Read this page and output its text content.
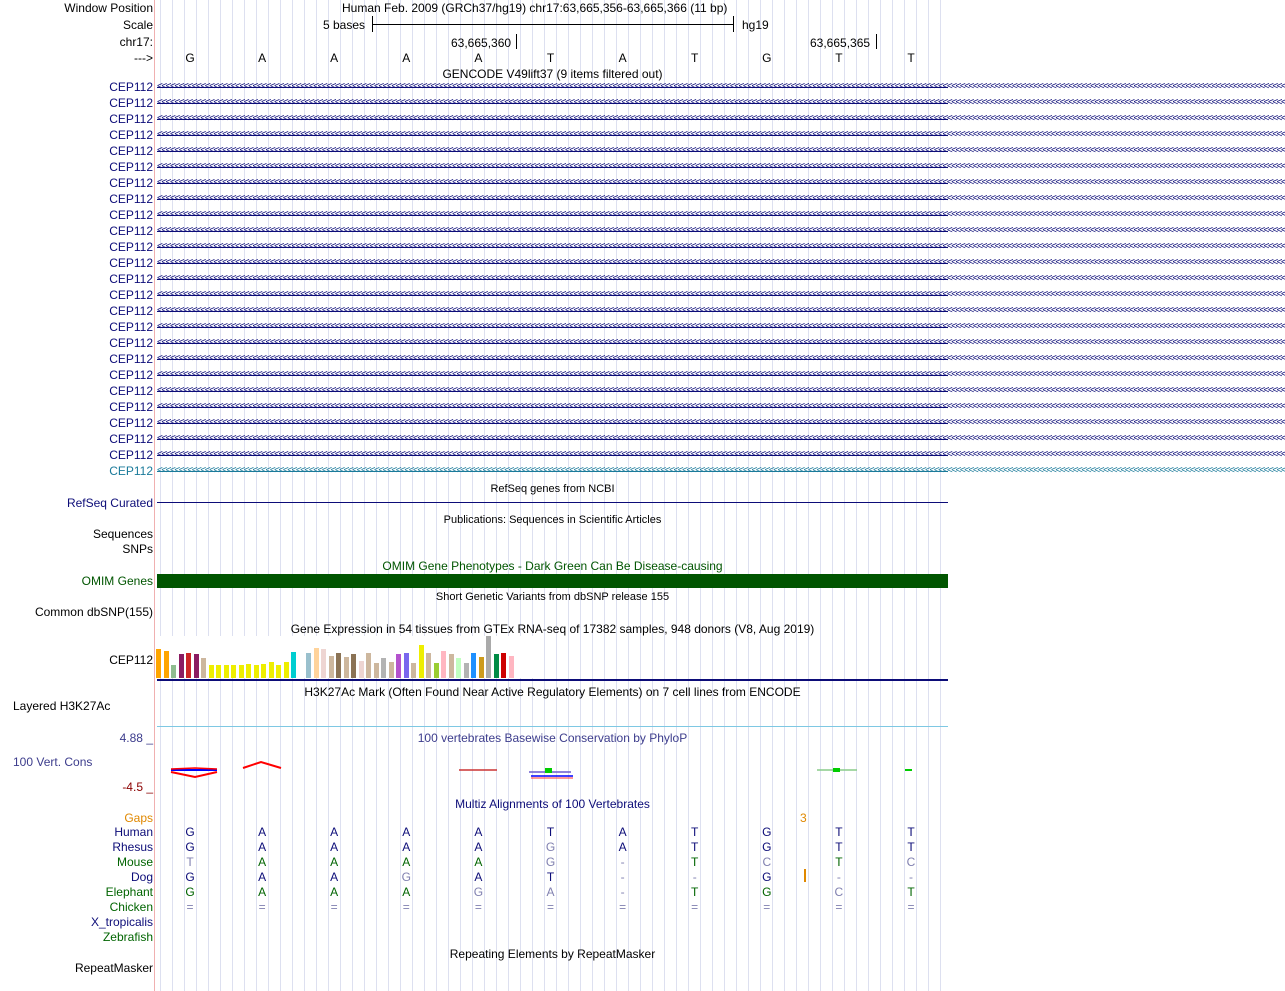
Window Position	Human Feb. 2009 (GRCh37/hg19) chr17:63,665,356-63,665,366 (11 bp)
Scale	5 bases	hg19
chr17:	63,665,360	63,665,365
--->	G	A	A	A	A	T	A	T	G	T	T
GENCODE V49lift37 (9 items filtered out)
CEP112 <<<<<<<<<<<<<<<<<<<<<<<<<<<<<<<<<<<<<<<<<<<<<<<<<<<<<<<<<<<<<<<<<<<<<<<<<<<<<<<<<<<<<<<<<<<<<<<<<<<<<<<<<<<<<<<<<<<<<<<<<<<<<<<<<<<<<<<<<<<<<<<<<<<<<<<<<<<<<<<<<<<<<<<<<<<<<<<<<<<<<<<<<<<<<<<<<<<<<<<<<<<<<<<<<<<<<<<<<<<<<<<<<<<<<<<<<<<<<<<<<<<<<<<<<<<<<<<<<<<<
CEP112 <<<<<<<<<<<<<<<<<<<<<<<<<<<<<<<<<<<<<<<<<<<<<<<<<<<<<<<<<<<<<<<<<<<<<<<<<<<<<<<<<<<<<<<<<<<<<<<<<<<<<<<<<<<<<<<<<<<<<<<<<<<<<<<<<<<<<<<<<<<<<<<<<<<<<<<<<<<<<<<<<<<<<<<<<<<<<<<<<<<<<<<<<<<<<<<<<<<<<<<<<<<<<<<<<<<<<<<<<<<<<<<<<<<<<<<<<<<<<<<<<<<<<<<<<<<<<<<<<<<<
CEP112 <<<<<<<<<<<<<<<<<<<<<<<<<<<<<<<<<<<<<<<<<<<<<<<<<<<<<<<<<<<<<<<<<<<<<<<<<<<<<<<<<<<<<<<<<<<<<<<<<<<<<<<<<<<<<<<<<<<<<<<<<<<<<<<<<<<<<<<<<<<<<<<<<<<<<<<<<<<<<<<<<<<<<<<<<<<<<<<<<<<<<<<<<<<<<<<<<<<<<<<<<<<<<<<<<<<<<<<<<<<<<<<<<<<<<<<<<<<<<<<<<<<<<<<<<<<<<<<<<<<<
CEP112 <<<<<<<<<<<<<<<<<<<<<<<<<<<<<<<<<<<<<<<<<<<<<<<<<<<<<<<<<<<<<<<<<<<<<<<<<<<<<<<<<<<<<<<<<<<<<<<<<<<<<<<<<<<<<<<<<<<<<<<<<<<<<<<<<<<<<<<<<<<<<<<<<<<<<<<<<<<<<<<<<<<<<<<<<<<<<<<<<<<<<<<<<<<<<<<<<<<<<<<<<<<<<<<<<<<<<<<<<<<<<<<<<<<<<<<<<<<<<<<<<<<<<<<<<<<<<<<<<<<<
CEP112 <<<<<<<<<<<<<<<<<<<<<<<<<<<<<<<<<<<<<<<<<<<<<<<<<<<<<<<<<<<<<<<<<<<<<<<<<<<<<<<<<<<<<<<<<<<<<<<<<<<<<<<<<<<<<<<<<<<<<<<<<<<<<<<<<<<<<<<<<<<<<<<<<<<<<<<<<<<<<<<<<<<<<<<<<<<<<<<<<<<<<<<<<<<<<<<<<<<<<<<<<<<<<<<<<<<<<<<<<<<<<<<<<<<<<<<<<<<<<<<<<<<<<<<<<<<<<<<<<<<<
CEP112 <<<<<<<<<<<<<<<<<<<<<<<<<<<<<<<<<<<<<<<<<<<<<<<<<<<<<<<<<<<<<<<<<<<<<<<<<<<<<<<<<<<<<<<<<<<<<<<<<<<<<<<<<<<<<<<<<<<<<<<<<<<<<<<<<<<<<<<<<<<<<<<<<<<<<<<<<<<<<<<<<<<<<<<<<<<<<<<<<<<<<<<<<<<<<<<<<<<<<<<<<<<<<<<<<<<<<<<<<<<<<<<<<<<<<<<<<<<<<<<<<<<<<<<<<<<<<<<<<<<<
CEP112 <<<<<<<<<<<<<<<<<<<<<<<<<<<<<<<<<<<<<<<<<<<<<<<<<<<<<<<<<<<<<<<<<<<<<<<<<<<<<<<<<<<<<<<<<<<<<<<<<<<<<<<<<<<<<<<<<<<<<<<<<<<<<<<<<<<<<<<<<<<<<<<<<<<<<<<<<<<<<<<<<<<<<<<<<<<<<<<<<<<<<<<<<<<<<<<<<<<<<<<<<<<<<<<<<<<<<<<<<<<<<<<<<<<<<<<<<<<<<<<<<<<<<<<<<<<<<<<<<<<<
CEP112 <<<<<<<<<<<<<<<<<<<<<<<<<<<<<<<<<<<<<<<<<<<<<<<<<<<<<<<<<<<<<<<<<<<<<<<<<<<<<<<<<<<<<<<<<<<<<<<<<<<<<<<<<<<<<<<<<<<<<<<<<<<<<<<<<<<<<<<<<<<<<<<<<<<<<<<<<<<<<<<<<<<<<<<<<<<<<<<<<<<<<<<<<<<<<<<<<<<<<<<<<<<<<<<<<<<<<<<<<<<<<<<<<<<<<<<<<<<<<<<<<<<<<<<<<<<<<<<<<<<<
CEP112 <<<<<<<<<<<<<<<<<<<<<<<<<<<<<<<<<<<<<<<<<<<<<<<<<<<<<<<<<<<<<<<<<<<<<<<<<<<<<<<<<<<<<<<<<<<<<<<<<<<<<<<<<<<<<<<<<<<<<<<<<<<<<<<<<<<<<<<<<<<<<<<<<<<<<<<<<<<<<<<<<<<<<<<<<<<<<<<<<<<<<<<<<<<<<<<<<<<<<<<<<<<<<<<<<<<<<<<<<<<<<<<<<<<<<<<<<<<<<<<<<<<<<<<<<<<<<<<<<<<<
CEP112 <<<<<<<<<<<<<<<<<<<<<<<<<<<<<<<<<<<<<<<<<<<<<<<<<<<<<<<<<<<<<<<<<<<<<<<<<<<<<<<<<<<<<<<<<<<<<<<<<<<<<<<<<<<<<<<<<<<<<<<<<<<<<<<<<<<<<<<<<<<<<<<<<<<<<<<<<<<<<<<<<<<<<<<<<<<<<<<<<<<<<<<<<<<<<<<<<<<<<<<<<<<<<<<<<<<<<<<<<<<<<<<<<<<<<<<<<<<<<<<<<<<<<<<<<<<<<<<<<<<<
CEP112 <<<<<<<<<<<<<<<<<<<<<<<<<<<<<<<<<<<<<<<<<<<<<<<<<<<<<<<<<<<<<<<<<<<<<<<<<<<<<<<<<<<<<<<<<<<<<<<<<<<<<<<<<<<<<<<<<<<<<<<<<<<<<<<<<<<<<<<<<<<<<<<<<<<<<<<<<<<<<<<<<<<<<<<<<<<<<<<<<<<<<<<<<<<<<<<<<<<<<<<<<<<<<<<<<<<<<<<<<<<<<<<<<<<<<<<<<<<<<<<<<<<<<<<<<<<<<<<<<<<<
CEP112 <<<<<<<<<<<<<<<<<<<<<<<<<<<<<<<<<<<<<<<<<<<<<<<<<<<<<<<<<<<<<<<<<<<<<<<<<<<<<<<<<<<<<<<<<<<<<<<<<<<<<<<<<<<<<<<<<<<<<<<<<<<<<<<<<<<<<<<<<<<<<<<<<<<<<<<<<<<<<<<<<<<<<<<<<<<<<<<<<<<<<<<<<<<<<<<<<<<<<<<<<<<<<<<<<<<<<<<<<<<<<<<<<<<<<<<<<<<<<<<<<<<<<<<<<<<<<<<<<<<<
CEP112 <<<<<<<<<<<<<<<<<<<<<<<<<<<<<<<<<<<<<<<<<<<<<<<<<<<<<<<<<<<<<<<<<<<<<<<<<<<<<<<<<<<<<<<<<<<<<<<<<<<<<<<<<<<<<<<<<<<<<<<<<<<<<<<<<<<<<<<<<<<<<<<<<<<<<<<<<<<<<<<<<<<<<<<<<<<<<<<<<<<<<<<<<<<<<<<<<<<<<<<<<<<<<<<<<<<<<<<<<<<<<<<<<<<<<<<<<<<<<<<<<<<<<<<<<<<<<<<<<<<<
CEP112 <<<<<<<<<<<<<<<<<<<<<<<<<<<<<<<<<<<<<<<<<<<<<<<<<<<<<<<<<<<<<<<<<<<<<<<<<<<<<<<<<<<<<<<<<<<<<<<<<<<<<<<<<<<<<<<<<<<<<<<<<<<<<<<<<<<<<<<<<<<<<<<<<<<<<<<<<<<<<<<<<<<<<<<<<<<<<<<<<<<<<<<<<<<<<<<<<<<<<<<<<<<<<<<<<<<<<<<<<<<<<<<<<<<<<<<<<<<<<<<<<<<<<<<<<<<<<<<<<<<<
CEP112 <<<<<<<<<<<<<<<<<<<<<<<<<<<<<<<<<<<<<<<<<<<<<<<<<<<<<<<<<<<<<<<<<<<<<<<<<<<<<<<<<<<<<<<<<<<<<<<<<<<<<<<<<<<<<<<<<<<<<<<<<<<<<<<<<<<<<<<<<<<<<<<<<<<<<<<<<<<<<<<<<<<<<<<<<<<<<<<<<<<<<<<<<<<<<<<<<<<<<<<<<<<<<<<<<<<<<<<<<<<<<<<<<<<<<<<<<<<<<<<<<<<<<<<<<<<<<<<<<<<<
CEP112 <<<<<<<<<<<<<<<<<<<<<<<<<<<<<<<<<<<<<<<<<<<<<<<<<<<<<<<<<<<<<<<<<<<<<<<<<<<<<<<<<<<<<<<<<<<<<<<<<<<<<<<<<<<<<<<<<<<<<<<<<<<<<<<<<<<<<<<<<<<<<<<<<<<<<<<<<<<<<<<<<<<<<<<<<<<<<<<<<<<<<<<<<<<<<<<<<<<<<<<<<<<<<<<<<<<<<<<<<<<<<<<<<<<<<<<<<<<<<<<<<<<<<<<<<<<<<<<<<<<<
CEP112 <<<<<<<<<<<<<<<<<<<<<<<<<<<<<<<<<<<<<<<<<<<<<<<<<<<<<<<<<<<<<<<<<<<<<<<<<<<<<<<<<<<<<<<<<<<<<<<<<<<<<<<<<<<<<<<<<<<<<<<<<<<<<<<<<<<<<<<<<<<<<<<<<<<<<<<<<<<<<<<<<<<<<<<<<<<<<<<<<<<<<<<<<<<<<<<<<<<<<<<<<<<<<<<<<<<<<<<<<<<<<<<<<<<<<<<<<<<<<<<<<<<<<<<<<<<<<<<<<<<<
CEP112 <<<<<<<<<<<<<<<<<<<<<<<<<<<<<<<<<<<<<<<<<<<<<<<<<<<<<<<<<<<<<<<<<<<<<<<<<<<<<<<<<<<<<<<<<<<<<<<<<<<<<<<<<<<<<<<<<<<<<<<<<<<<<<<<<<<<<<<<<<<<<<<<<<<<<<<<<<<<<<<<<<<<<<<<<<<<<<<<<<<<<<<<<<<<<<<<<<<<<<<<<<<<<<<<<<<<<<<<<<<<<<<<<<<<<<<<<<<<<<<<<<<<<<<<<<<<<<<<<<<<
CEP112 <<<<<<<<<<<<<<<<<<<<<<<<<<<<<<<<<<<<<<<<<<<<<<<<<<<<<<<<<<<<<<<<<<<<<<<<<<<<<<<<<<<<<<<<<<<<<<<<<<<<<<<<<<<<<<<<<<<<<<<<<<<<<<<<<<<<<<<<<<<<<<<<<<<<<<<<<<<<<<<<<<<<<<<<<<<<<<<<<<<<<<<<<<<<<<<<<<<<<<<<<<<<<<<<<<<<<<<<<<<<<<<<<<<<<<<<<<<<<<<<<<<<<<<<<<<<<<<<<<<<
CEP112 <<<<<<<<<<<<<<<<<<<<<<<<<<<<<<<<<<<<<<<<<<<<<<<<<<<<<<<<<<<<<<<<<<<<<<<<<<<<<<<<<<<<<<<<<<<<<<<<<<<<<<<<<<<<<<<<<<<<<<<<<<<<<<<<<<<<<<<<<<<<<<<<<<<<<<<<<<<<<<<<<<<<<<<<<<<<<<<<<<<<<<<<<<<<<<<<<<<<<<<<<<<<<<<<<<<<<<<<<<<<<<<<<<<<<<<<<<<<<<<<<<<<<<<<<<<<<<<<<<<<
CEP112 <<<<<<<<<<<<<<<<<<<<<<<<<<<<<<<<<<<<<<<<<<<<<<<<<<<<<<<<<<<<<<<<<<<<<<<<<<<<<<<<<<<<<<<<<<<<<<<<<<<<<<<<<<<<<<<<<<<<<<<<<<<<<<<<<<<<<<<<<<<<<<<<<<<<<<<<<<<<<<<<<<<<<<<<<<<<<<<<<<<<<<<<<<<<<<<<<<<<<<<<<<<<<<<<<<<<<<<<<<<<<<<<<<<<<<<<<<<<<<<<<<<<<<<<<<<<<<<<<<<<
CEP112 <<<<<<<<<<<<<<<<<<<<<<<<<<<<<<<<<<<<<<<<<<<<<<<<<<<<<<<<<<<<<<<<<<<<<<<<<<<<<<<<<<<<<<<<<<<<<<<<<<<<<<<<<<<<<<<<<<<<<<<<<<<<<<<<<<<<<<<<<<<<<<<<<<<<<<<<<<<<<<<<<<<<<<<<<<<<<<<<<<<<<<<<<<<<<<<<<<<<<<<<<<<<<<<<<<<<<<<<<<<<<<<<<<<<<<<<<<<<<<<<<<<<<<<<<<<<<<<<<<<<
CEP112 <<<<<<<<<<<<<<<<<<<<<<<<<<<<<<<<<<<<<<<<<<<<<<<<<<<<<<<<<<<<<<<<<<<<<<<<<<<<<<<<<<<<<<<<<<<<<<<<<<<<<<<<<<<<<<<<<<<<<<<<<<<<<<<<<<<<<<<<<<<<<<<<<<<<<<<<<<<<<<<<<<<<<<<<<<<<<<<<<<<<<<<<<<<<<<<<<<<<<<<<<<<<<<<<<<<<<<<<<<<<<<<<<<<<<<<<<<<<<<<<<<<<<<<<<<<<<<<<<<<<
CEP112 <<<<<<<<<<<<<<<<<<<<<<<<<<<<<<<<<<<<<<<<<<<<<<<<<<<<<<<<<<<<<<<<<<<<<<<<<<<<<<<<<<<<<<<<<<<<<<<<<<<<<<<<<<<<<<<<<<<<<<<<<<<<<<<<<<<<<<<<<<<<<<<<<<<<<<<<<<<<<<<<<<<<<<<<<<<<<<<<<<<<<<<<<<<<<<<<<<<<<<<<<<<<<<<<<<<<<<<<<<<<<<<<<<<<<<<<<<<<<<<<<<<<<<<<<<<<<<<<<<<<
CEP112 <<<<<<<<<<<<<<<<<<<<<<<<<<<<<<<<<<<<<<<<<<<<<<<<<<<<<<<<<<<<<<<<<<<<<<<<<<<<<<<<<<<<<<<<<<<<<<<<<<<<<<<<<<<<<<<<<<<<<<<<<<<<<<<<<<<<<<<<<<<<<<<<<<<<<<<<<<<<<<<<<<<<<<<<<<<<<<<<<<<<<<<<<<<<<<<<<<<<<<<<<<<<<<<<<<<<<<<<<<<<<<<<<<<<<<<<<<<<<<<<<<<<<<<<<<<<<<<<<<<<
RefSeq genes from NCBI
RefSeq Curated
Publications: Sequences in Scientific Articles
Sequences
SNPs
OMIM Gene Phenotypes - Dark Green Can Be Disease-causing
OMIM Genes
Short Genetic Variants from dbSNP release 155
Common dbSNP(155)
Gene Expression in 54 tissues from GTEx RNA-seq of 17382 samples, 948 donors (V8, Aug 2019)
CEP112
H3K27Ac Mark (Often Found Near Active Regulatory Elements) on 7 cell lines from ENCODE
Layered H3K27Ac
4.88 _	100 vertebrates Basewise Conservation by PhyloP
100 Vert. Cons
-4.5 _
Multiz Alignments of 100 Vertebrates
Gaps	3
Human	G	A	A	A	A	T	A	T	G	T	T
Rhesus	G	A	A	A	A	G	A	T	G	T	T
Mouse	T	A	A	A	A	G	-	T	C	T	C
Dog	G	A	A	G	A	T	-	-	G	-	-
Elephant	G	A	A	A	G	A	-	T	G	C	T
Chicken	=	=	=	=	=	=	=	=	=	=	=
X_tropicalis
Zebrafish
Repeating Elements by RepeatMasker
RepeatMasker
